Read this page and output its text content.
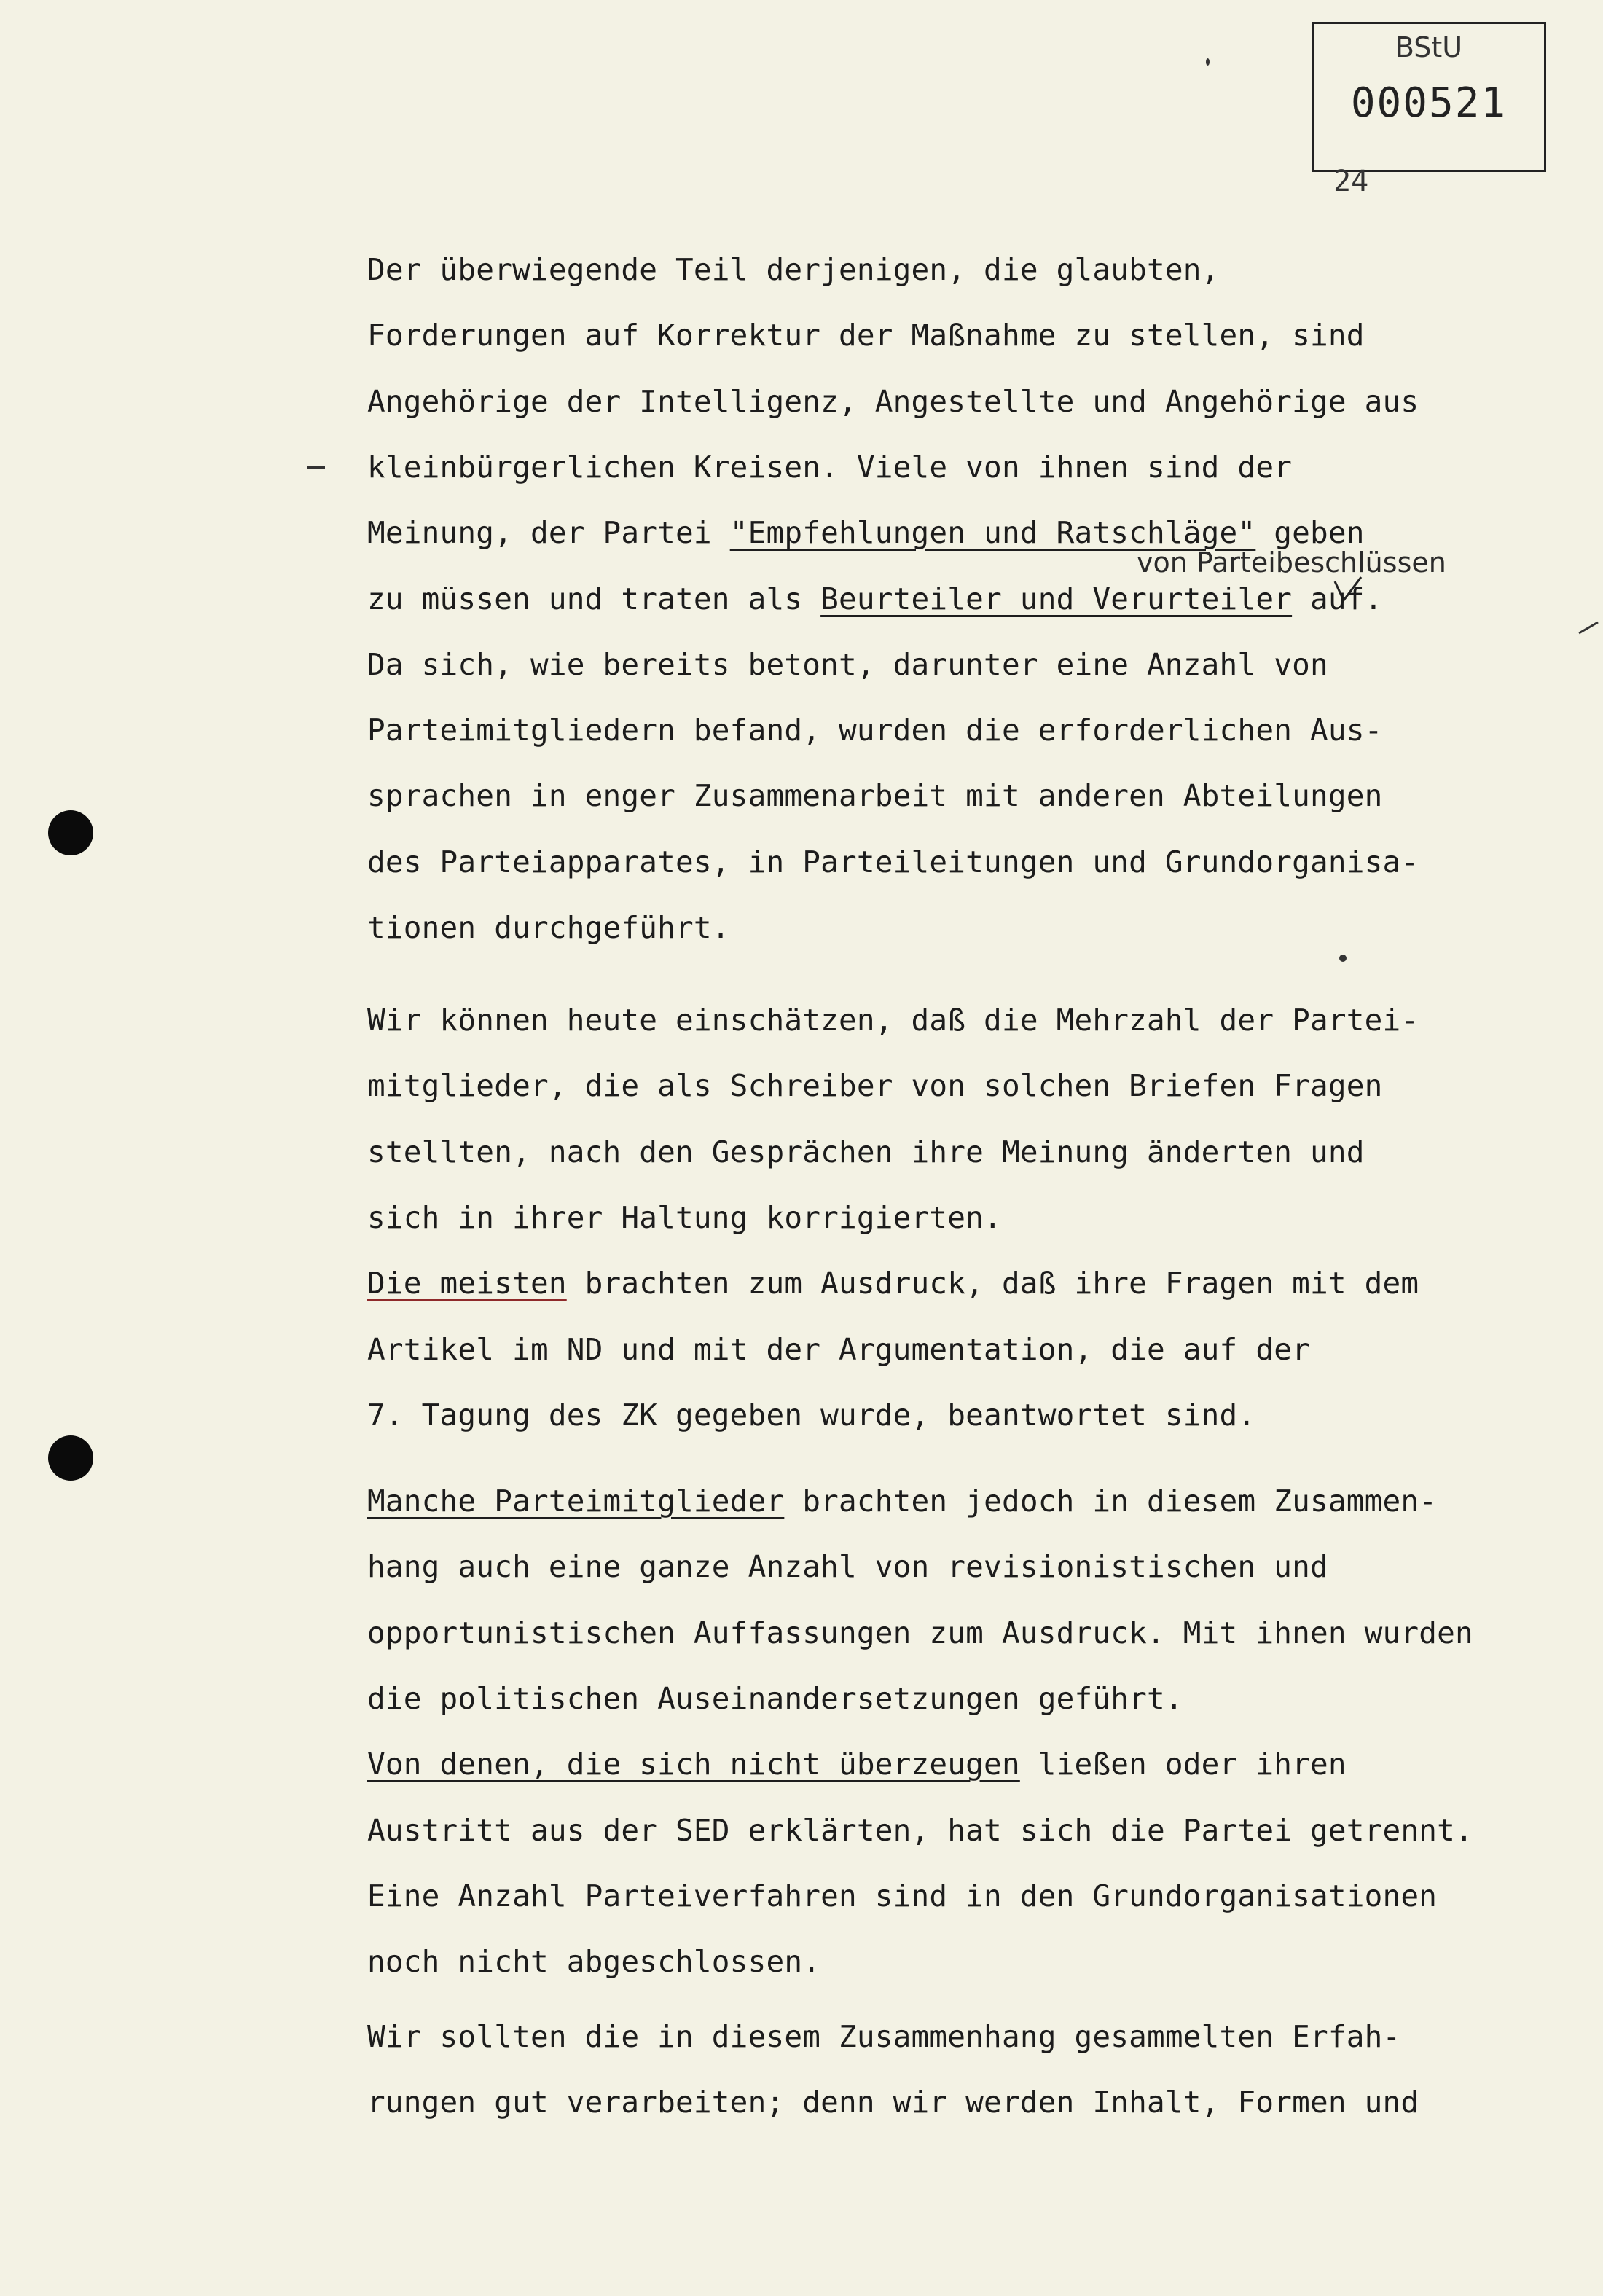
BStU
000521
24
von Parteibeschlüssen
Der überwiegende Teil derjenigen, die glaubten,
Forderungen auf Korrektur der Maßnahme zu stellen, sind
Angehörige der Intelligenz, Angestellte und Angehörige aus
kleinbürgerlichen Kreisen. Viele von ihnen sind der
Meinung, der Partei "Empfehlungen und Ratschläge" geben
zu müssen und traten als Beurteiler und Verurteiler auf.
Da sich, wie bereits betont, darunter eine Anzahl von
Parteimitgliedern befand, wurden die erforderlichen Aus-
sprachen in enger Zusammenarbeit mit anderen Abteilungen
des Parteiapparates, in Parteileitungen und Grundorganisa-
tionen durchgeführt.
Wir können heute einschätzen, daß die Mehrzahl der Partei-
mitglieder, die als Schreiber von solchen Briefen Fragen
stellten, nach den Gesprächen ihre Meinung änderten und
sich in ihrer Haltung korrigierten.
Die meisten brachten zum Ausdruck, daß ihre Fragen mit dem
Artikel im ND und mit der Argumentation, die auf der
7. Tagung des ZK gegeben wurde, beantwortet sind.
Manche Parteimitglieder brachten jedoch in diesem Zusammen-
hang auch eine ganze Anzahl von revisionistischen und
opportunistischen Auffassungen zum Ausdruck. Mit ihnen wurden
die politischen Auseinandersetzungen geführt.
Von denen, die sich nicht überzeugen ließen oder ihren
Austritt aus der SED erklärten, hat sich die Partei getrennt.
Eine Anzahl Parteiverfahren sind in den Grundorganisationen
noch nicht abgeschlossen.
Wir sollten die in diesem Zusammenhang gesammelten Erfah-
rungen gut verarbeiten; denn wir werden Inhalt, Formen und
